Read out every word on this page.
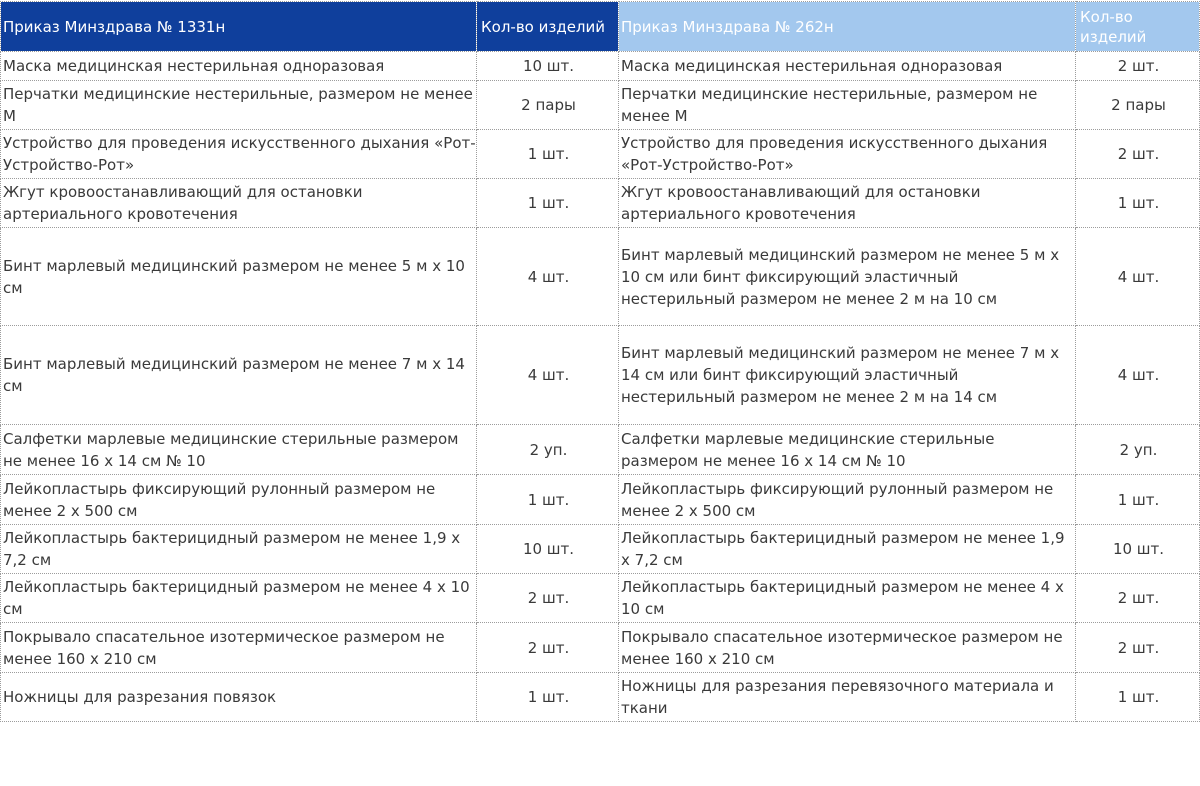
Приказ Минздрава № 1331н	Кол-во изделий	Приказ Минздрава № 262н	Кол-во изделий
Маска медицинская нестерильная одноразовая	10 шт.	Маска медицинская нестерильная одноразовая	2 шт.
Перчатки медицинские нестерильные, размером не менее М	2 пары	Перчатки медицинские нестерильные, размером не менее М	2 пары
Устройство для проведения искусственного дыхания «Рот-Устройство-Рот»	1 шт.	Устройство для проведения искусственного дыхания «Рот-Устройство-Рот»	2 шт.
Жгут кровоостанавливающий для остановки артериального кровотечения	1 шт.	Жгут кровоостанавливающий для остановки артериального кровотечения	1 шт.
Бинт марлевый медицинский размером не менее 5 м х 10 см	4 шт.	Бинт марлевый медицинский размером не менее 5 м х 10 см или бинт фиксирующий эластичный нестерильный размером не менее 2 м на 10 см	4 шт.
Бинт марлевый медицинский размером не менее 7 м х 14 см	4 шт.	Бинт марлевый медицинский размером не менее 7 м х 14 см или бинт фиксирующий эластичный нестерильный размером не менее 2 м на 14 см	4 шт.
Салфетки марлевые медицинские стерильные размером не менее 16 х 14 см № 10	2 уп.	Салфетки марлевые медицинские стерильные размером не менее 16 х 14 см № 10	2 уп.
Лейкопластырь фиксирующий рулонный размером не менее 2 х 500 см	1 шт.	Лейкопластырь фиксирующий рулонный размером не менее 2 х 500 см	1 шт.
Лейкопластырь бактерицидный размером не менее 1,9 х 7,2 см	10 шт.	Лейкопластырь бактерицидный размером не менее 1,9 х 7,2 см	10 шт.
Лейкопластырь бактерицидный размером не менее 4 х 10 см	2 шт.	Лейкопластырь бактерицидный размером не менее 4 х 10 см	2 шт.
Покрывало спасательное изотермическое размером не менее 160 х 210 см	2 шт.	Покрывало спасательное изотермическое размером не менее 160 х 210 см	2 шт.
Ножницы для разрезания повязок	1 шт.	Ножницы для разрезания перевязочного материала и ткани	1 шт.
